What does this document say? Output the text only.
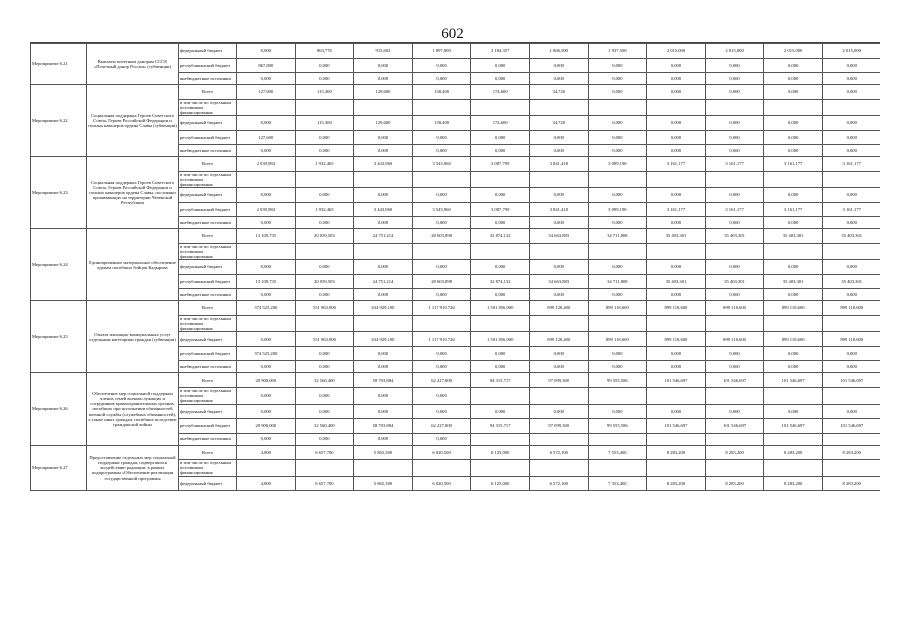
602
Мероприятие 6.21	Выплаты почетным донорам СССР, «Почетный донор России» (субвенции)	федеральный бюджет	0,000	863,776	915,602	1 897,800	2 184,357	1 866,500	1 937,500	2 015,000	2 015,000	2 015,000	2 015,000
		республиканский бюджет	867,800	0,000	0,000	0,000	0,000	0,000	0,000	0,000	0,000	0,000	0,000
		внебюджетные источники	0,000	0,000	0,000	0,000	0,000	0,000	0,000	0,000	0,000	0,000	0,000
Мероприятие 6.22	Социальная поддержка Героев Советского Союза, Героев Российской Федерации и полных кавалеров ордена Славы (субвенции)	Всего	127,600	115,300	129,600	138,400	174,600	34,720	0,000	0,000	0,000	0,000	0,000
		в том числе по отдельным источникам финансирования											
		федеральный бюджет	0,000	115,300	129,600	138,400	174,600	34,720	0,000	0,000	0,000	0,000	0,000
		республиканский бюджет	127,600	0,000	0,000	0,000	0,000	0,000	0,000	0,000	0,000	0,000	0,000
		внебюджетные источники	0,000	0,000	0,000	0,000	0,000	0,000	0,000	0,000	0,000	0,000	0,000
Мероприятие 6.23	Социальная поддержка Героев Советского Союза, Героев Российской Федерации и полных кавалеров ордена Славы, постоянно проживающих на территории Чеченской Республики	Всего	2 039,984	1 932,465	3 443,960	3 543,960	3 087,799	3 841,418	3 099,198	3 161,177	3 161,177	3 161,177	3 161,177
		в том числе по отдельным источникам финансирования											
		федеральный бюджет	0,000	0,000	0,000	0,000	0,000	0,000	0,000	0,000	0,000	0,000	0,000
		республиканский бюджет	2 039,984	1 932,465	3 443,960	3 543,960	3 087,799	3 841,418	3 099,198	3 161,177	3 161,177	3 161,177	3 161,177
		внебюджетные источники	0,000	0,000	0,000	0,000	0,000	0,000	0,000	0,000	0,000	0,000	0,000
Мероприятие 6.24	Единовременное материальное обеспечение вдовам погибших бойцов Кадырова	Всего	13 109,735	20 059,503	24 751,214	28 603,898	32 874,132	34 663,883	34 711,808	35 403,301	35 403,301	35 403,301	35 403,301
		в том числе по отдельным источникам финансирования											
		федеральный бюджет	0,000	0,000	0,000	0,000	0,000	0,000	0,000	0,000	0,000	0,000	0,000
		республиканский бюджет	13 109,735	20 059,503	24 751,214	28 603,898	32 874,132	34 663,883	34 711,808	35 403,301	35 403,301	35 403,301	35 403,301
		внебюджетные источники	0,000	0,000	0,000	0,000	0,000	0,000	0,000	0,000	0,000	0,000	0,000
Мероприятие 6.25	Оплата жилищно-коммунальных услуг отдельным категориям граждан (субвенции)	Всего	374 525,200	551 963,900	634 929,100	1 117 919,726	1 501 856,000	899 120,400	899 118,600	899 118,600	899 118,600	899 118,600	899 118,600
		в том числе по отдельным источникам финансирования											
		федеральный бюджет	0,000	551 963,900	634 929,100	1 117 919,726	1 501 856,000	899 120,400	899 118,600	899 118,600	899 118,600	899 118,600	899 118,600
		республиканский бюджет	374 525,200	0,000	0,000	0,000	0,000	0,000	0,000	0,000	0,000	0,000	0,000
		внебюджетные источники	0,000	0,000	0,000	0,000	0,000	0,000	0,000	0,000	0,000	0,000	0,000
Мероприятие 6.26	Обеспечение мер социальной поддержки членов семей военнослужащих и сотрудников правоохранительных органов, погибших при исполнении обязанностей военной службы (служебных обязанностей), а также иных граждан, погибших вследствие гражданской войны	Всего	20 900,000	32 560,400	58 703,884	62 227,800	94 315,717	97 099,300	99 555,586	101 546,697	101 546,697	101 546,697	101 546,697
		в том числе по отдельным источникам финансирования	0,000	0,000	0,000	0,000							
		федеральный бюджет	0,000	0,000	0,000	0,000	0,000	0,000	0,000	0,000	0,000	0,000	0,000
		республиканский бюджет	20 900,000	32 560,400	58 703,884	62 227,800	94 315,717	97 099,300	99 555,586	101 546,697	101 546,697	101 546,697	101 546,697
		внебюджетные источники	0,000	0,000	0,000	0,000							
Мероприятие 6.27	Предоставление отдельных мер социальной поддержки граждан, подвергшихся воздействию радиации, в рамках подпрограммы «Обеспечение реализации государственной программы	Всего	4,800	6 657,700	5 865,300	6 020,500	6 125,000	6 572,100	7 553,400	8 283,200	8 283,200	8 283,200	8 283,200
		в том числе по отдельным источникам финансирования											
		федеральный бюджет	4,800	6 657,700	5 865,300	6 020,500	6 125,000	6 572,100	7 353,400	8 283,200	8 283,200	8 283,200	8 283,200
